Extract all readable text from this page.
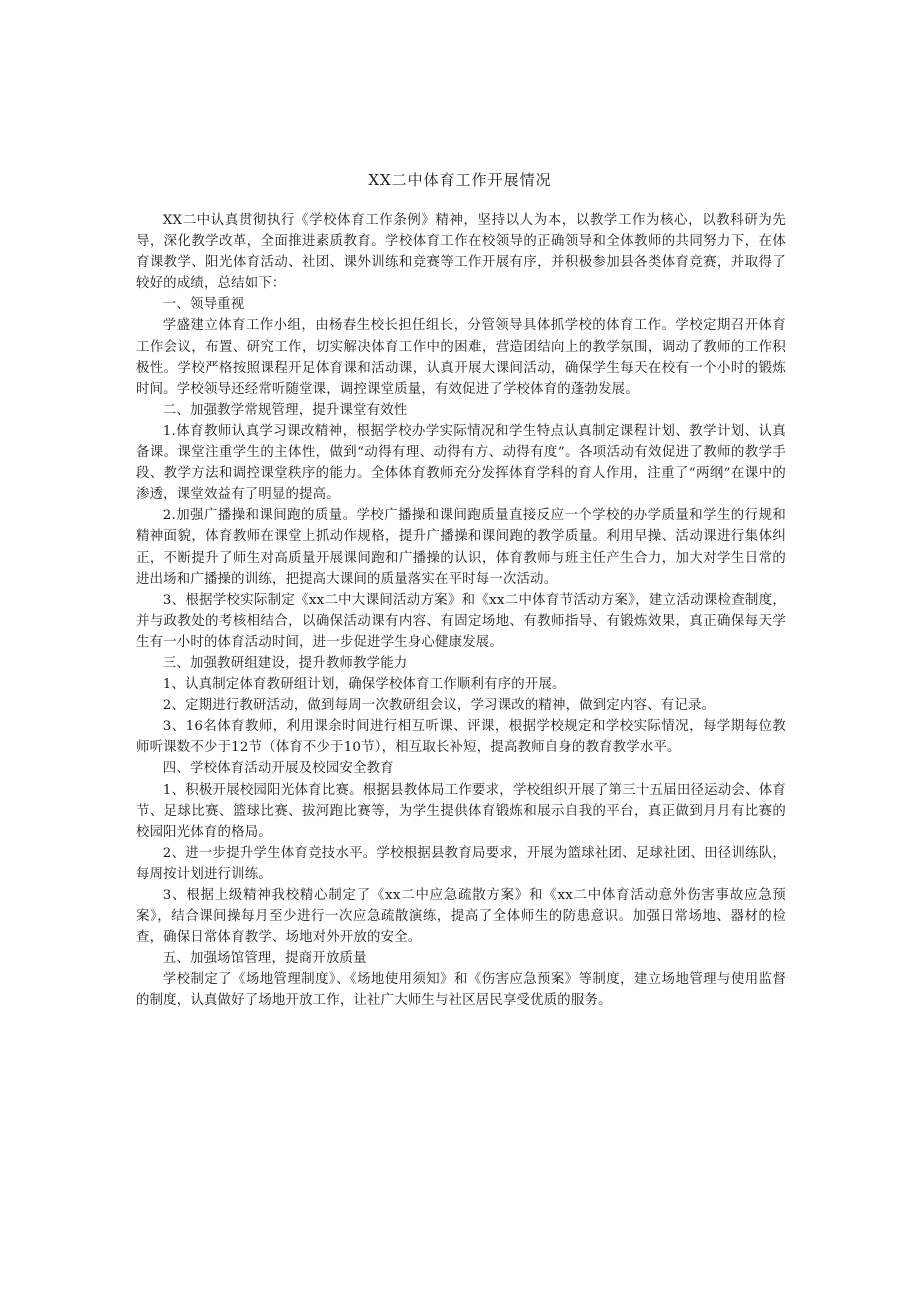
XX二中体育工作开展情况

XX二中认真贯彻执行《学校体育工作条例》精神，坚持以人为本，以教学工作为核心，以教科研为先导，深化教学改革，全面推进素质教育。学校体育工作在校领导的正确领导和全体教师的共同努力下，在体育课教学、阳光体育活动、社团、课外训练和竞赛等工作开展有序，并积极参加县各类体育竞赛，并取得了较好的成绩，总结如下：

一、领导重视

学盛建立体育工作小组，由杨春生校长担任组长，分管领导具体抓学校的体育工作。学校定期召开体育工作会议，布置、研究工作，切实解决体育工作中的困难，营造团结向上的教学氛围，调动了教师的工作积极性。学校严格按照课程开足体育课和活动课，认真开展大课间活动，确保学生每天在校有一个小时的锻炼时间。学校领导还经常听随堂课，调控课堂质量，有效促进了学校体育的蓬勃发展。

二、加强教学常规管理，提升课堂有效性

1.体育教师认真学习课改精神，根据学校办学实际情况和学生特点认真制定课程计划、教学计划、认真备课。课堂注重学生的主体性，做到“动得有理、动得有方、动得有度”。各项活动有效促进了教师的教学手段、教学方法和调控课堂秩序的能力。全体体育教师充分发挥体育学科的育人作用，注重了“两纲”在课中的渗透，课堂效益有了明显的提高。

2.加强广播操和课间跑的质量。学校广播操和课间跑质量直接反应一个学校的办学质量和学生的行规和精神面貌，体育教师在课堂上抓动作规格，提升广播操和课间跑的教学质量。利用早操、活动课进行集体纠正，不断提升了师生对高质量开展课间跑和广播操的认识，体育教师与班主任产生合力，加大对学生日常的进出场和广播操的训练，把提高大课间的质量落实在平时每一次活动。

3、根据学校实际制定《xx二中大课间活动方案》和《xx二中体育节活动方案》，建立活动课检查制度，并与政教处的考核相结合，以确保活动课有内容、有固定场地、有教师指导、有锻炼效果，真正确保每天学生有一小时的体育活动时间，进一步促进学生身心健康发展。

三、加强教研组建设，提升教师教学能力

1、认真制定体育教研组计划，确保学校体育工作顺利有序的开展。

2、定期进行教研活动，做到每周一次教研组会议，学习课改的精神，做到定内容、有记录。

3、16名体育教师，利用课余时间进行相互听课、评课，根据学校规定和学校实际情况，每学期每位教师听课数不少于12节（体育不少于10节），相互取长补短，提高教师自身的教育教学水平。

四、学校体育活动开展及校园安全教育

1、积极开展校园阳光体育比赛。根据县教体局工作要求，学校组织开展了第三十五届田径运动会、体育节、足球比赛、篮球比赛、拔河跑比赛等，为学生提供体育锻炼和展示自我的平台，真正做到月月有比赛的校园阳光体育的格局。

2、进一步提升学生体育竞技水平。学校根据县教育局要求，开展为篮球社团、足球社团、田径训练队，每周按计划进行训练。

3、根据上级精神我校精心制定了《xx二中应急疏散方案》和《xx二中体育活动意外伤害事故应急预案》，结合课间操每月至少进行一次应急疏散演练，提高了全体师生的防患意识。加强日常场地、器材的检查，确保日常体育教学、场地对外开放的安全。

五、加强场馆管理，提商开放质量

学校制定了《场地管理制度》、《场地使用须知》和《伤害应急预案》等制度，建立场地管理与使用监督的制度，认真做好了场地开放工作，让社广大师生与社区居民享受优质的服务。
